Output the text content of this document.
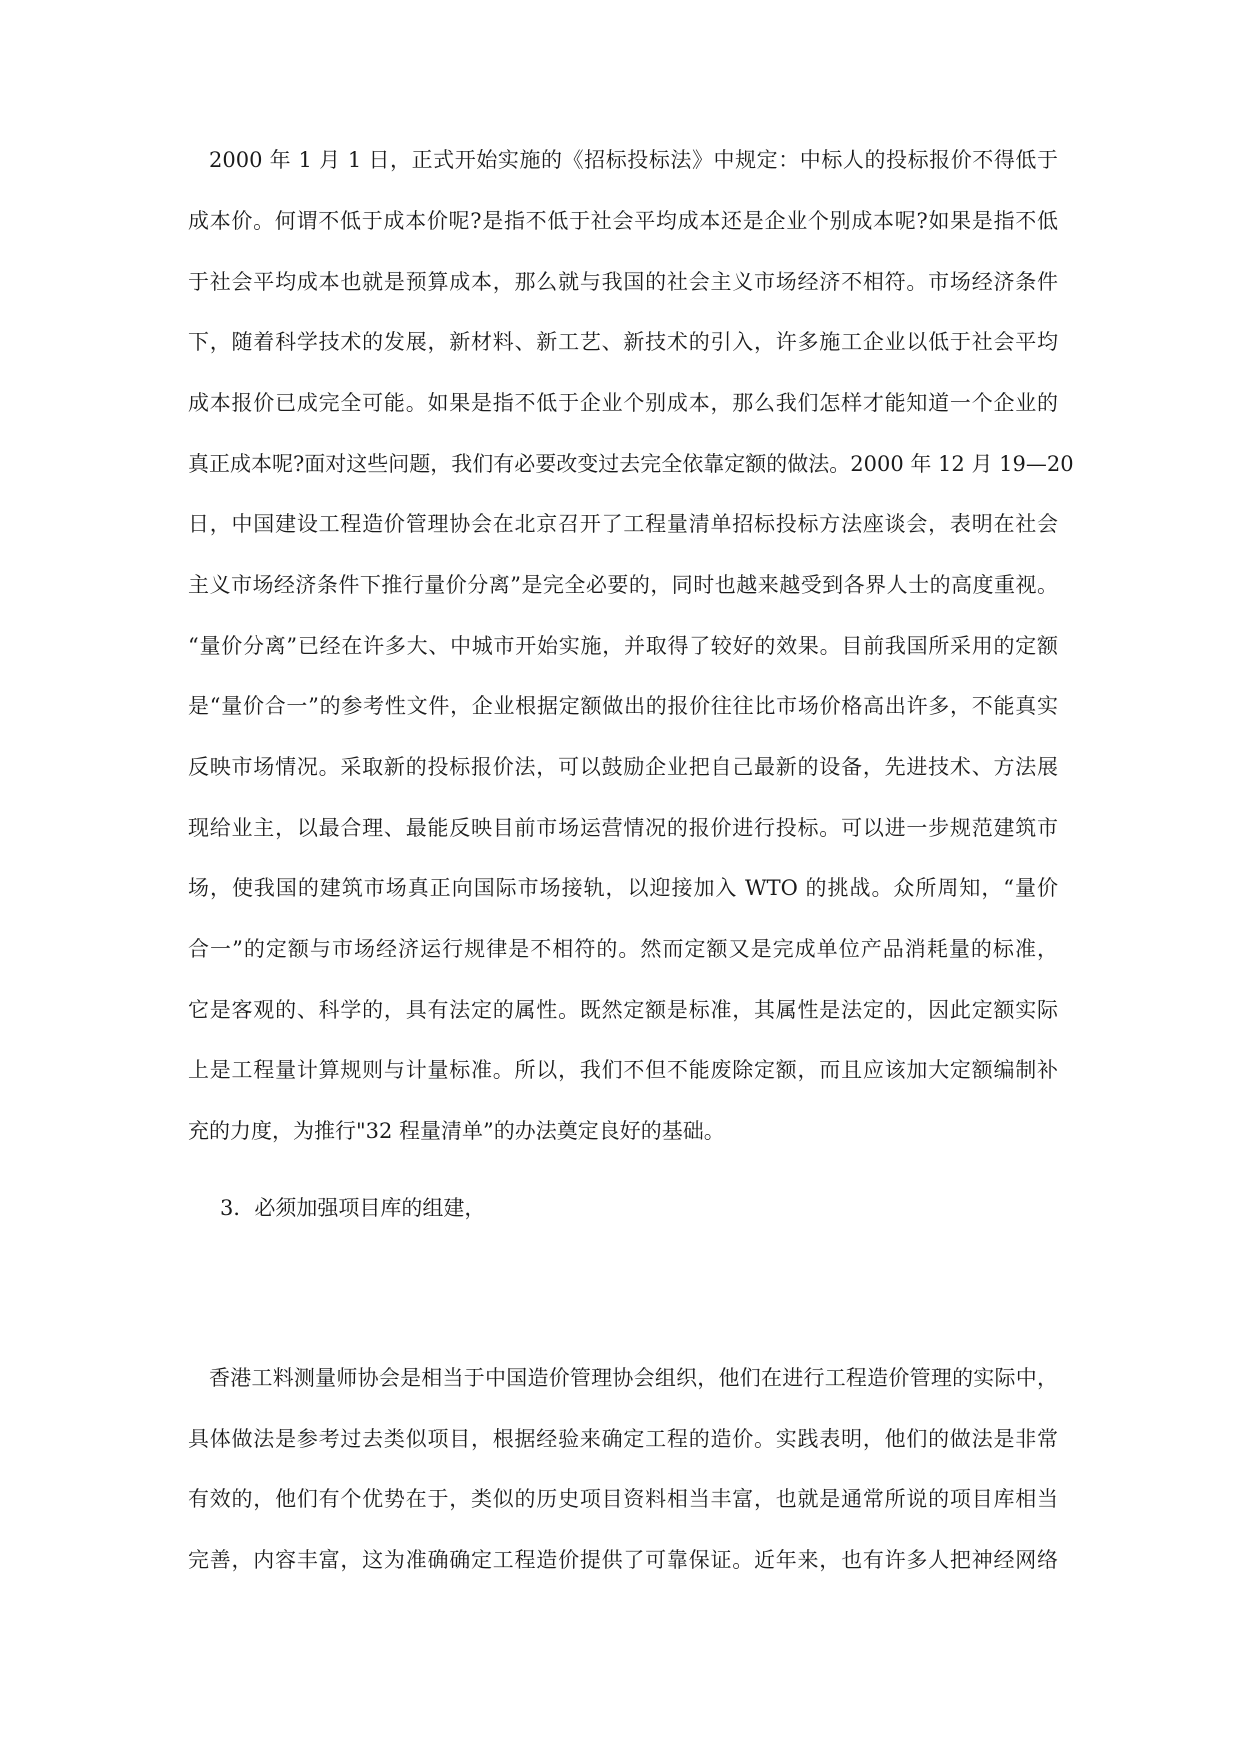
2000 年 1 月 1 日，正式开始实施的《招标投标法》中规定：中标人的投标报价不得低于
成本价。何谓不低于成本价呢?是指不低于社会平均成本还是企业个别成本呢?如果是指不低
于社会平均成本也就是预算成本，那么就与我国的社会主义市场经济不相符。市场经济条件
下，随着科学技术的发展，新材料、新工艺、新技术的引入，许多施工企业以低于社会平均
成本报价已成完全可能。如果是指不低于企业个别成本，那么我们怎样才能知道一个企业的
真正成本呢?面对这些问题，我们有必要改变过去完全依靠定额的做法。2000 年 12 月 19—20
日，中国建设工程造价管理协会在北京召开了工程量清单招标投标方法座谈会，表明在社会
主义市场经济条件下推行量价分离”是完全必要的，同时也越来越受到各界人士的高度重视。
“量价分离”已经在许多大、中城市开始实施，并取得了较好的效果。目前我国所采用的定额
是“量价合一”的参考性文件，企业根据定额做出的报价往往比市场价格高出许多，不能真实
反映市场情况。采取新的投标报价法，可以鼓励企业把自己最新的设备，先进技术、方法展
现给业主，以最合理、最能反映目前市场运营情况的报价进行投标。可以进一步规范建筑市
场，使我国的建筑市场真正向国际市场接轨，以迎接加入 WTO 的挑战。众所周知，“量价
合一”的定额与市场经济运行规律是不相符的。然而定额又是完成单位产品消耗量的标准，
它是客观的、科学的，具有法定的属性。既然定额是标准，其属性是法定的，因此定额实际
上是工程量计算规则与计量标准。所以，我们不但不能废除定额，而且应该加大定额编制补
充的力度，为推行"32 程量清单”的办法奠定良好的基础。
3．必须加强项目库的组建，
香港工料测量师协会是相当于中国造价管理协会组织，他们在进行工程造价管理的实际中，
具体做法是参考过去类似项目，根据经验来确定工程的造价。实践表明，他们的做法是非常
有效的，他们有个优势在于，类似的历史项目资料相当丰富，也就是通常所说的项目库相当
完善，内容丰富，这为准确确定工程造价提供了可靠保证。近年来，也有许多人把神经网络
